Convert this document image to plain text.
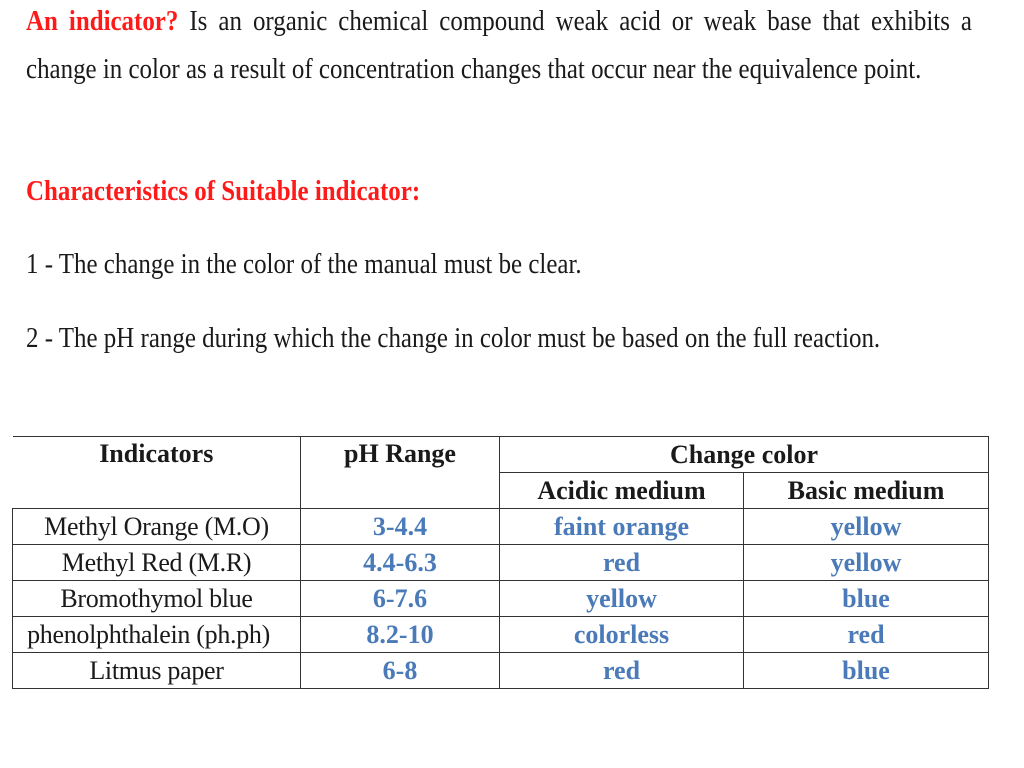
An indicator? Is an organic chemical compound weak acid or weak base that exhibits a change in color as a result of concentration changes that occur near the equivalence point.
Characteristics of Suitable indicator:
1 - The change in the color of the manual must be clear.
2 - The pH range during which the change in color must be based on the full reaction.
Indicators	pH Range	Change color	
		Acidic medium	Basic medium
Methyl Orange (M.O)	3-4.4	faint orange	yellow
Methyl Red (M.R)	4.4-6.3	red	yellow
Bromothymol blue	6-7.6	yellow	blue
phenolphthalein (ph.ph)	8.2-10	colorless	red
Litmus paper	6-8	red	blue
